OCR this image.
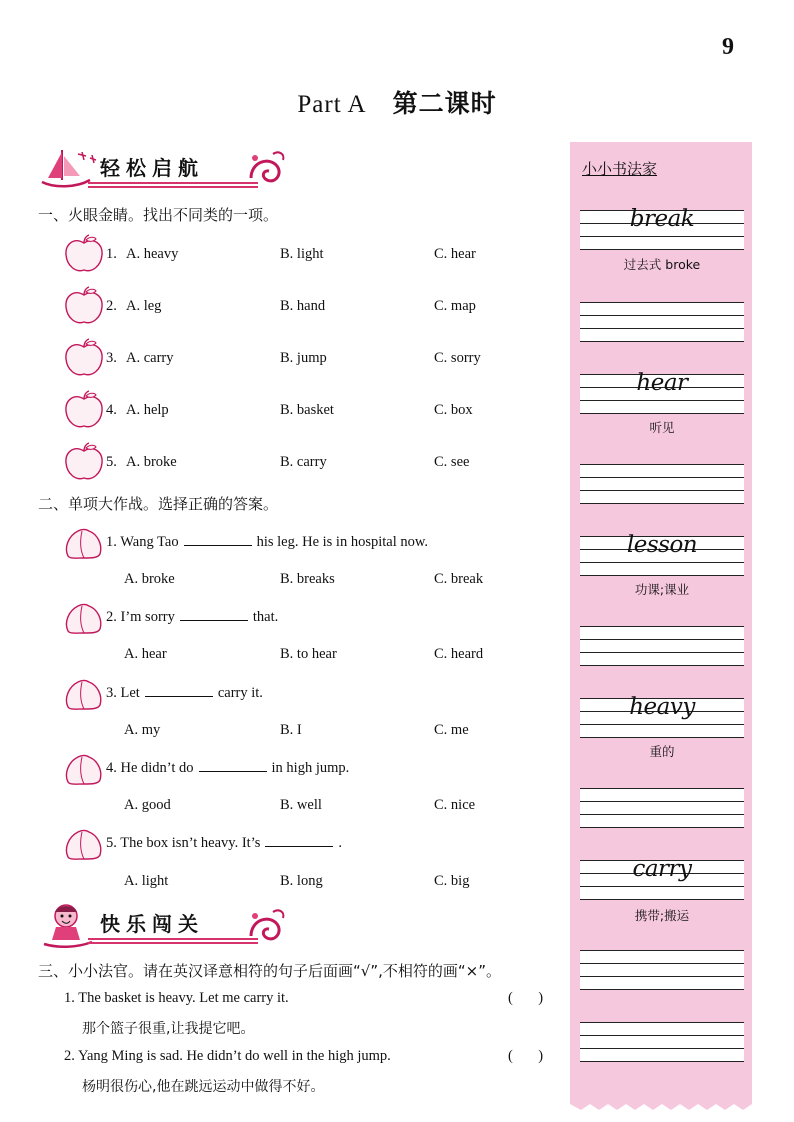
9
Part A 第二课时
轻松启航
一、火眼金睛。找出不同类的一项。
1. A. heavy	B. light	C. hear
2. A. leg	B. hand	C. map
3. A. carry	B. jump	C. sorry
4. A. help	B. basket	C. box
5. A. broke	B. carry	C. see
二、单项大作战。选择正确的答案。
1. Wang Tao	his leg. He is in hospital now.
A. broke	B. breaks	C. break
2. I’m sorry	that.
A. hear	B. to hear	C. heard
3. Let	carry it.
A. my	B. I	C. me
4. He didn’t do	in high jump.
A. good	B. well	C. nice
5. The box isn’t heavy. It’s	.
A. light	B. long	C. big
快乐闯关
三、小小法官。请在英汉译意相符的句子后面画“√”,不相符的画“×”。
1. The basket is heavy. Let me carry it.	(       )
那个篮子很重,让我提它吧。
2. Yang Ming is sad. He didn’t do well in the high jump.	(       )
杨明很伤心,他在跳远运动中做得不好。
小小书法家
break
过去式 broke
hear
听见
lesson
功课;课业
heavy
重的
carry
携带;搬运
